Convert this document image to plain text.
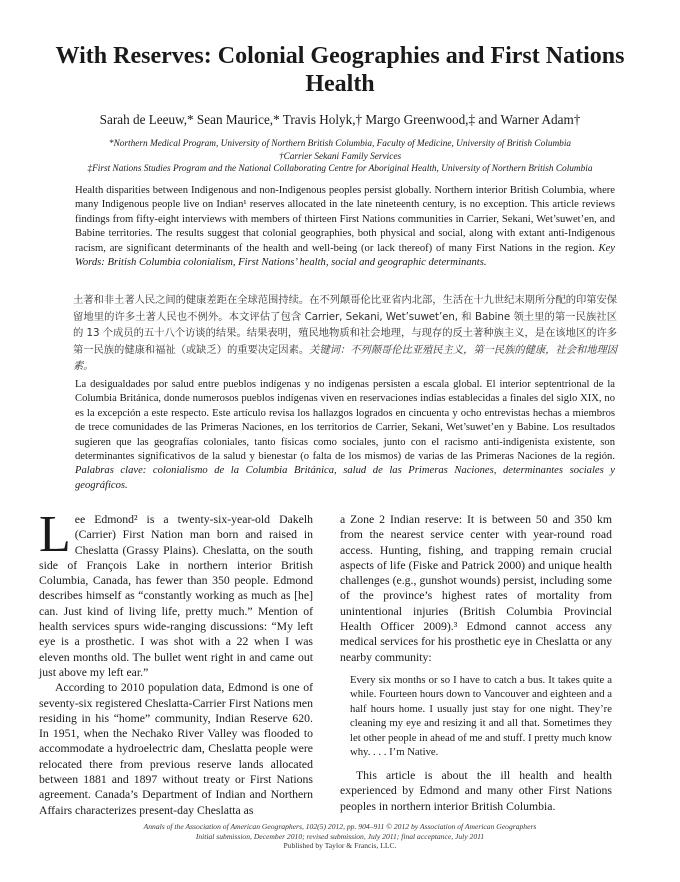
With Reserves: Colonial Geographies and First Nations Health
Sarah de Leeuw,* Sean Maurice,* Travis Holyk,† Margo Greenwood,‡ and Warner Adam†
*Northern Medical Program, University of Northern British Columbia, Faculty of Medicine, University of British Columbia
†Carrier Sekani Family Services
‡First Nations Studies Program and the National Collaborating Centre for Aboriginal Health, University of Northern British Columbia
Health disparities between Indigenous and non-Indigenous peoples persist globally. Northern interior British Columbia, where many Indigenous people live on Indian¹ reserves allocated in the late nineteenth century, is no exception. This article reviews findings from fifty-eight interviews with members of thirteen First Nations communities in Carrier, Sekani, Wet’suwet’en, and Babine territories. The results suggest that colonial geographies, both physical and social, along with extant anti-Indigenous racism, are significant determinants of the health and well-being (or lack thereof) of many First Nations in the region. Key Words: British Columbia colonialism, First Nations’ health, social and geographic determinants.
土著和非土著人民之间的健康差距在全球范围持续。在不列颠哥伦比亚省内北部，生活在十九世纪末期所分配的印第安保留地里的许多土著人民也不例外。本文评估了包含 Carrier, Sekani, Wet’suwet’en, 和 Babine 领土里的第一民族社区的 13 个成员的五十八个访谈的结果。结果表明，殖民地物质和社会地理，与现存的反土著种族主义，是在该地区的许多第一民族的健康和福祉（或缺乏）的重要决定因素。关键词：不列颠哥伦比亚殖民主义，第一民族的健康，社会和地理因素。
La desigualdades por salud entre pueblos indígenas y no indígenas persisten a escala global. El interior septentrional de la Columbia Británica, donde numerosos pueblos indígenas viven en reservaciones indias establecidas a finales del siglo XIX, no es la excepción a este respecto. Este artículo revisa los hallazgos logrados en cincuenta y ocho entrevistas hechas a miembros de trece comunidades de las Primeras Naciones, en los territorios de Carrier, Sekani, Wet’suwet’en y Babine. Los resultados sugieren que las geografías coloniales, tanto físicas como sociales, junto con el racismo anti-indigenista existente, son determinantes significativos de la salud y bienestar (o falta de los mismos) de varias de las Primeras Naciones de la región. Palabras clave: colonialismo de la Columbia Británica, salud de las Primeras Naciones, determinantes sociales y geográficos.

Lee Edmond² is a twenty-six-year-old Dakelh (Carrier) First Nation man born and raised in Cheslatta (Grassy Plains). Cheslatta, on the south side of François Lake in northern interior British Columbia, Canada, has fewer than 350 people. Edmond describes himself as “constantly working as much as [he] can. Just kind of living life, pretty much.” Mention of health services spurs wide-ranging discussions: “My left eye is a prosthetic. I was shot with a 22 when I was eleven months old. The bullet went right in and came out just above my left ear.”

According to 2010 population data, Edmond is one of seventy-six registered Cheslatta-Carrier First Nations men residing in his “home” community, Indian Reserve 620. In 1951, when the Nechako River Valley was flooded to accommodate a hydroelectric dam, Cheslatta people were relocated there from previous reserve lands allocated between 1881 and 1897 without treaty or First Nations agreement. Canada’s Department of Indian and Northern Affairs characterizes present-day Cheslatta as

a Zone 2 Indian reserve: It is between 50 and 350 km from the nearest service center with year-round road access. Hunting, fishing, and trapping remain crucial aspects of life (Fiske and Patrick 2000) and unique health challenges (e.g., gunshot wounds) persist, including some of the province’s highest rates of mortality from unintentional injuries (British Columbia Provincial Health Officer 2009).³ Edmond cannot access any medical services for his prosthetic eye in Cheslatta or any nearby community:

Every six months or so I have to catch a bus. It takes quite a while. Fourteen hours down to Vancouver and eighteen and a half hours home. I usually just stay for one night. They’re cleaning my eye and resizing it and all that. Sometimes they let other people in ahead of me and stuff. I pretty much know why. . . . I’m Native.

This article is about the ill health and health experienced by Edmond and many other First Nations peoples in northern interior British Columbia.

Annals of the Association of American Geographers, 102(5) 2012, pp. 904–911 © 2012 by Association of American Geographers
Initial submission, December 2010; revised submission, July 2011; final acceptance, July 2011
Published by Taylor & Francis, LLC.
